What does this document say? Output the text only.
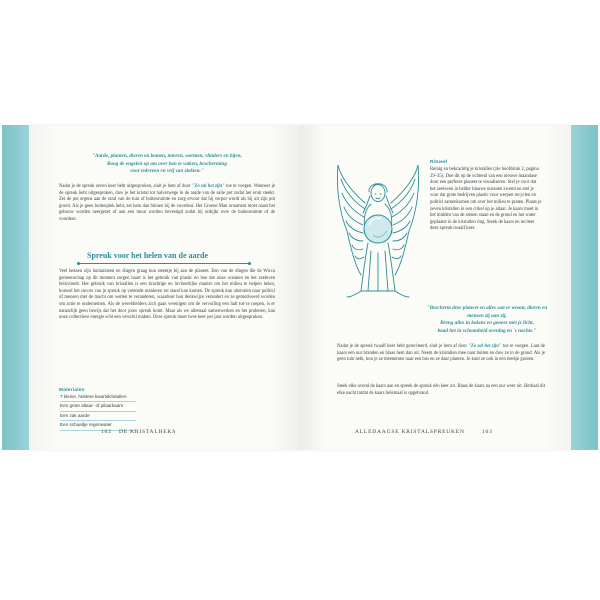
"Aarde, planten, dieren en bomen, mieren, wormen, vlinders en bijen,
Boog de engelen op om over hen te waken, bescherming
voor iedereen en vrij van ziekten."

Nadat je de spreuk zeven keer hebt uitgesproken, sluit je hem af door "Zo zal het zijn" toe te voegen. Wanneer je de spreuk hebt uitgesproken, duw je het kristal tot halverwege in de aarde van de salie pot zodat het eruit steekt. Zet de pot ergens aan de rand van de tuin of buitenruimte en zorg ervoor dat hij verpot wordt als hij uit zijn pot groeit. Als je geen buitenplek hebt, zet hem dan binnen bij de voordeur. Het Groene Man ornament moet naast het gebouw worden neergezet of aan een muur worden bevestigd zodat hij uitkijkt over de buitenruimte of de voordeur.

Spreuk voor het helen van de aarde

Veel heksen zijn humanisten en dragen graag hun steentje bij aan de planeet. Een van de dingen die de Wicca gemeenschap op dit moment zorgen baart is het gebruik van plastic en hoe dat onze oceanen en het zeeleven beïnvloedt. Het gebruik van kristallen is een krachtige en invloedrijke manier om het milieu te helpen helen, hoewel het succes van je spreuk op vreemde manieren tot stand kan komen. De spreuk kan uitstralen naar politici of mensen met de macht om wetten te veranderen, waardoor hun denkwijze verandert en ze gemotiveerd worden om actie te ondernemen. Als de wereldleiders zich gaan verenigen om de vervuiling een halt toe te roepen, is er natuurlijk geen bewijs dat het door jouw spreuk komt. Maar als we allemaal samenwerken en het proberen, kan onze collectieve energie echt een verschil maken. Deze spreuk moet twee keer per jaar worden uitgesproken.

Materialen
7 kleine, heldere kwartskristallen
Een grote altaar- of pilaarkaars
Een zak aarde
Een schaaltje regenwater

162 DE KRISTALHEKS

Ritueel

Reinig en bekrachtig je kristallen (zie hoofdstuk 2, pagina 29–35). Doe dit op de ochtend van een nieuwe maandase door een perfecte planeet te visualiseren. Stel je voor dat het zeeleven in helder blauwe oceanen zwemt en stel je voor dat grote bedrijven plastic voor werpen recyclen en politici samenkomen om over het milieu te praten. Plaats je zeven kristallen in een cirkel op je altaar. Je kaars moet in het midden van de stenen staan en de grond en het water geplaatst in de kristallen ring. Steek de kaars en reciteer deze spreuk twaalf keer.

"Bescherm deze planeet en alles wat er woont, dieren en mensen zij aan zij,
Breng alles in balans en genees met je licht,
baad het in schoonheid overdag en 's nachts."

Nadat je de spreuk twaalf keer hebt gereciteerd, sluit je hem af door "Zo zal het zijn" toe te voegen. Laat de kaars een uur branden en blaas hem dan uit. Neem de kristallen mee naar buiten en duw ze in de grond. Als je geen tuin hebt, kun je ze meenemen naar een bos en ze daar planten. Je kunt ze ook in een beekje gooien.

Steek elke avond de kaars aan en spreek de spreuk één keer uit. Blaas de kaars na een uur weer uit. Herhaal dit elke nacht totdat de kaars helemaal is opgebrand.

ALLEDAAGSE KRISTALSPREUKEN	163
